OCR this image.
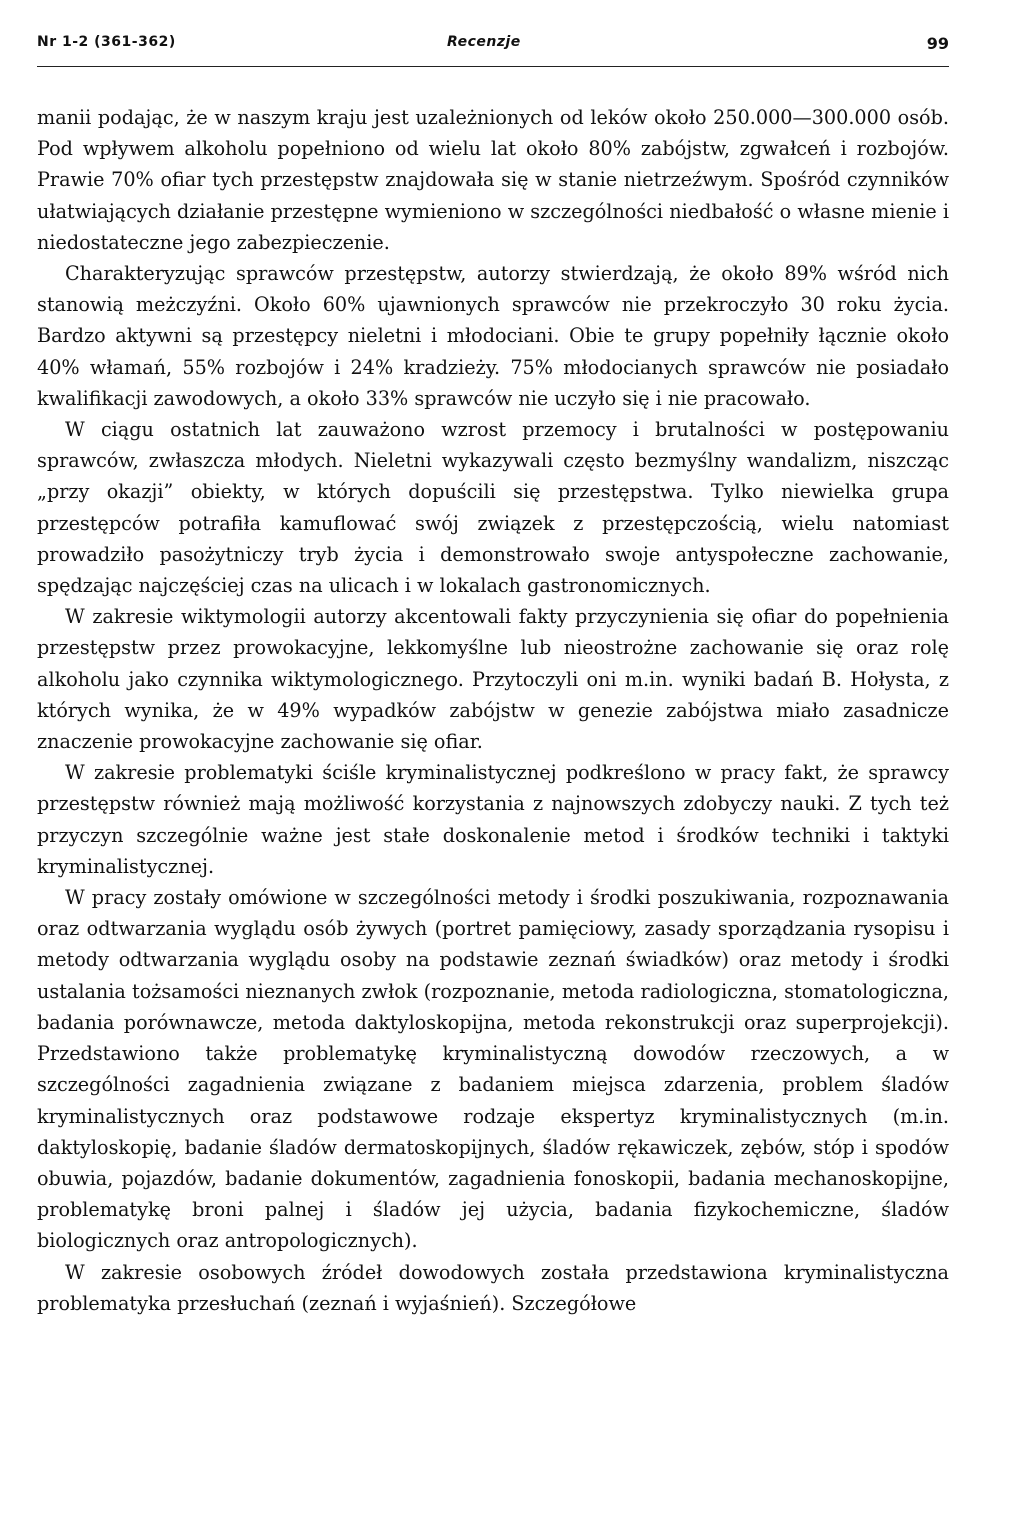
Nr 1-2 (361-362)	Recenzje	99

manii podając, że w naszym kraju jest uzależnionych od leków około 250.000—300.000 osób. Pod wpływem alkoholu popełniono od wielu lat około 80% zabójstw, zgwałceń i rozbojów. Prawie 70% ofiar tych przestępstw znajdowała się w stanie nietrzeźwym. Spośród czynników ułatwiających działanie przestępne wymieniono w szczególności niedbałość o własne mienie i niedostateczne jego zabezpieczenie.

Charakteryzując sprawców przestępstw, autorzy stwierdzają, że około 89% wśród nich stanowią meżczyźni. Około 60% ujawnionych sprawców nie przekroczyło 30 roku życia. Bardzo aktywni są przestępcy nieletni i młodociani. Obie te grupy popełniły łącznie około 40% włamań, 55% rozbojów i 24% kradzieży. 75% młodocianych sprawców nie posiadało kwalifikacji zawodowych, a około 33% sprawców nie uczyło się i nie pracowało.

W ciągu ostatnich lat zauważono wzrost przemocy i brutalności w postępowaniu sprawców, zwłaszcza młodych. Nieletni wykazywali często bezmyślny wandalizm, niszcząc „przy okazji” obiekty, w których dopuścili się przestępstwa. Tylko niewielka grupa przestępców potrafiła kamuflować swój związek z przestępczością, wielu natomiast prowadziło pasożytniczy tryb życia i demonstrowało swoje antyspołeczne zachowanie, spędzając najczęściej czas na ulicach i w lokalach gastronomicznych.

W zakresie wiktymologii autorzy akcentowali fakty przyczynienia się ofiar do popełnienia przestępstw przez prowokacyjne, lekkomyślne lub nieostrożne zachowanie się oraz rolę alkoholu jako czynnika wiktymologicznego. Przytoczyli oni m.in. wyniki badań B. Hołysta, z których wynika, że w 49% wypadków zabójstw w genezie zabójstwa miało zasadnicze znaczenie prowokacyjne zachowanie się ofiar.

W zakresie problematyki ściśle kryminalistycznej podkreślono w pracy fakt, że sprawcy przestępstw również mają możliwość korzystania z najnowszych zdobyczy nauki. Z tych też przyczyn szczególnie ważne jest stałe doskonalenie metod i środków techniki i taktyki kryminalistycznej.

W pracy zostały omówione w szczególności metody i środki poszukiwania, rozpoznawania oraz odtwarzania wyglądu osób żywych (portret pamięciowy, zasady sporządzania rysopisu i metody odtwarzania wyglądu osoby na podstawie zeznań świadków) oraz metody i środki ustalania tożsamości nieznanych zwłok (rozpoznanie, metoda radiologiczna, stomatologiczna, badania porównawcze, metoda daktyloskopijna, metoda rekonstrukcji oraz superprojekcji). Przedstawiono także problematykę kryminalistyczną dowodów rzeczowych, a w szczególności zagadnienia związane z badaniem miejsca zdarzenia, problem śladów kryminalistycznych oraz podstawowe rodzaje ekspertyz kryminalistycznych (m.in. daktyloskopię, badanie śladów dermatoskopijnych, śladów rękawiczek, zębów, stóp i spodów obuwia, pojazdów, badanie dokumentów, zagadnienia fonoskopii, badania mechanoskopijne, problematykę broni palnej i śladów jej użycia, badania fizykochemiczne, śladów biologicznych oraz antropologicznych).

W zakresie osobowych źródeł dowodowych została przedstawiona kryminalistyczna problematyka przesłuchań (zeznań i wyjaśnień). Szczegółowe
